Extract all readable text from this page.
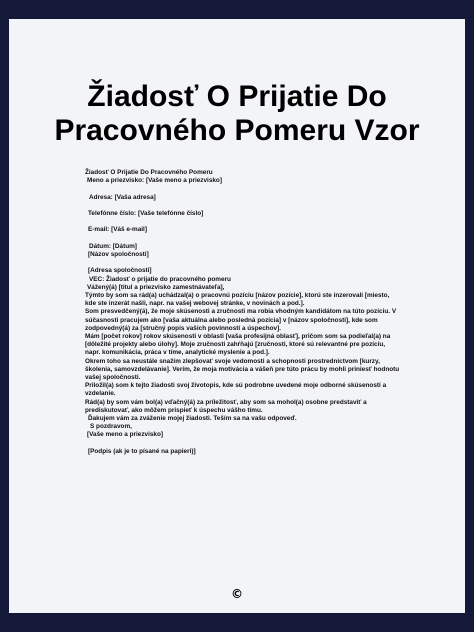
Žiadosť O Prijatie Do
Pracovného Pomeru Vzor
Žiadosť O Prijatie Do Pracovného Pomeru
Meno a priezvisko: [Vaše meno a priezvisko]
Adresa: [Vaša adresa]
Telefónne číslo: [Vaše telefónne číslo]
E-mail: [Váš e-mail]
Dátum: [Dátum]
[Názov spoločnosti]
[Adresa spoločnosti]
VEC: Žiadosť o prijatie do pracovného pomeru
Vážený(á) [titul a priezvisko zamestnávateľa],
Týmto by som sa rád(a) uchádzal(a) o pracovnú pozíciu [názov pozície], ktorú ste inzerovali [miesto, kde ste inzerát našli, napr. na vašej webovej stránke, v novinách a pod.].
Som presvedčený(á), že moje skúsenosti a zručnosti ma robia vhodným kandidátom na túto pozíciu. V súčasnosti pracujem ako [vaša aktuálna alebo posledná pozícia] v [názov spoločnosti], kde som zodpovedný(á) za [stručný popis vašich povinností a úspechov].
Mám [počet rokov] rokov skúsenosti v oblasti [vaša profesijná oblasť], pričom som sa podieľal(a) na [dôležité projekty alebo úlohy]. Moje zručnosti zahŕňajú [zručnosti, ktoré sú relevantné pre pozíciu, napr. komunikácia, práca v tíme, analytické myslenie a pod.].
Okrem toho sa neustále snažím zlepšovať svoje vedomosti a schopnosti prostredníctvom [kurzy, školenia, samovzdelávanie]. Verím, že moja motivácia a vášeň pre túto prácu by mohli priniesť hodnotu vašej spoločnosti.
Priložil(a) som k tejto žiadosti svoj životopis, kde sú podrobne uvedené moje odborné skúsenosti a vzdelanie.
Rád(a) by som vám bol(a) vďačný(á) za príležitosť, aby som sa mohol(a) osobne predstaviť a prediskutovať, ako môžem prispieť k úspechu vášho tímu.
Ďakujem vám za zváženie mojej žiadosti. Teším sa na vašu odpoveď.
S pozdravom,
[Vaše meno a priezvisko]
[Podpis (ak je to písané na papieri)]
©
